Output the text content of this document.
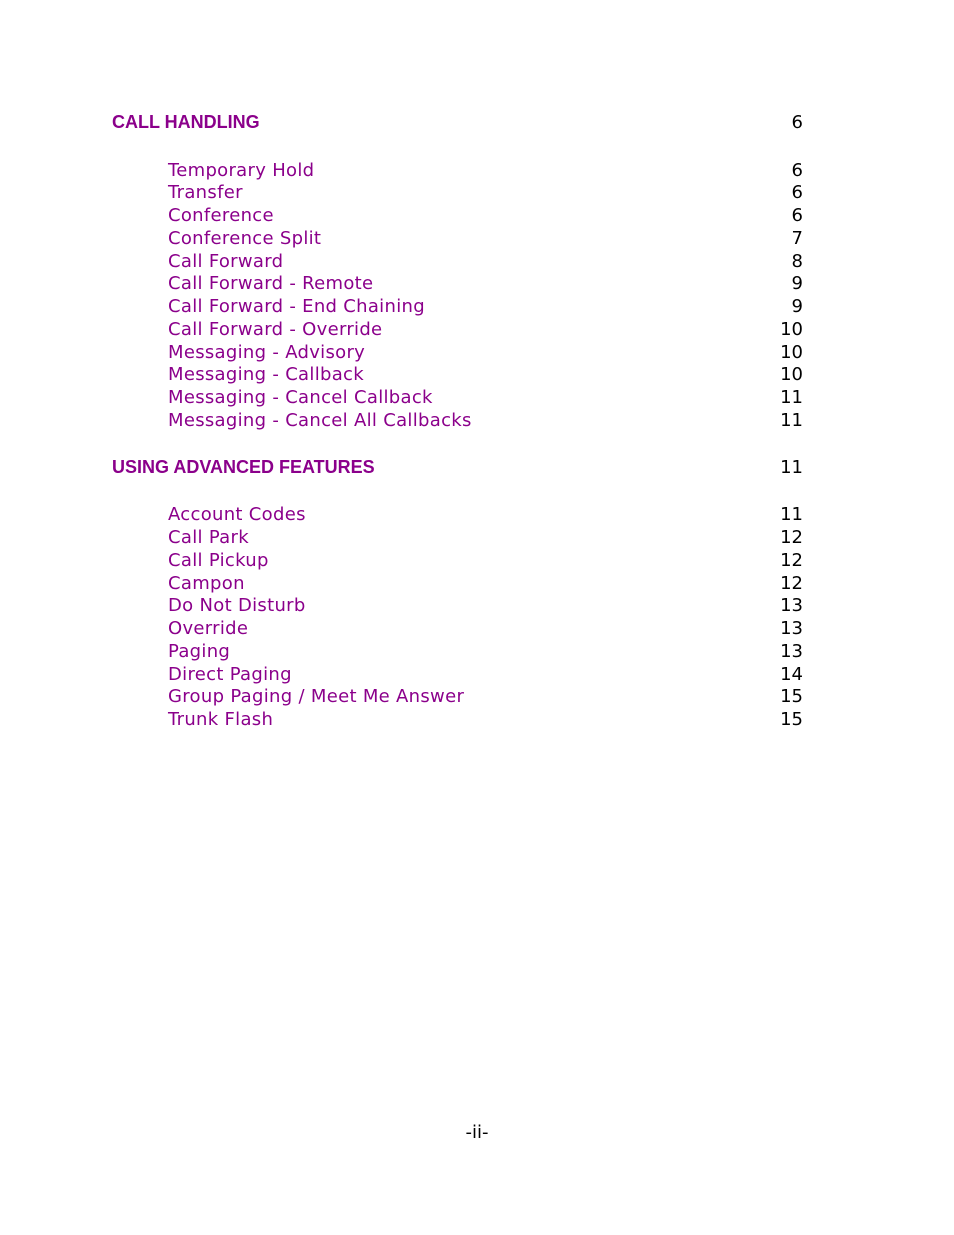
CALL HANDLING	6
Temporary Hold	6
Transfer	6
Conference	6
Conference Split	7
Call Forward	8
Call Forward - Remote	9
Call Forward - End Chaining	9
Call Forward - Override	10
Messaging - Advisory	10
Messaging - Callback	10
Messaging - Cancel Callback	11
Messaging - Cancel All Callbacks	11
USING ADVANCED FEATURES	11
Account Codes	11
Call Park	12
Call Pickup	12
Campon	12
Do Not Disturb	13
Override	13
Paging	13
Direct Paging	14
Group Paging / Meet Me Answer	15
Trunk Flash	15
-ii-
